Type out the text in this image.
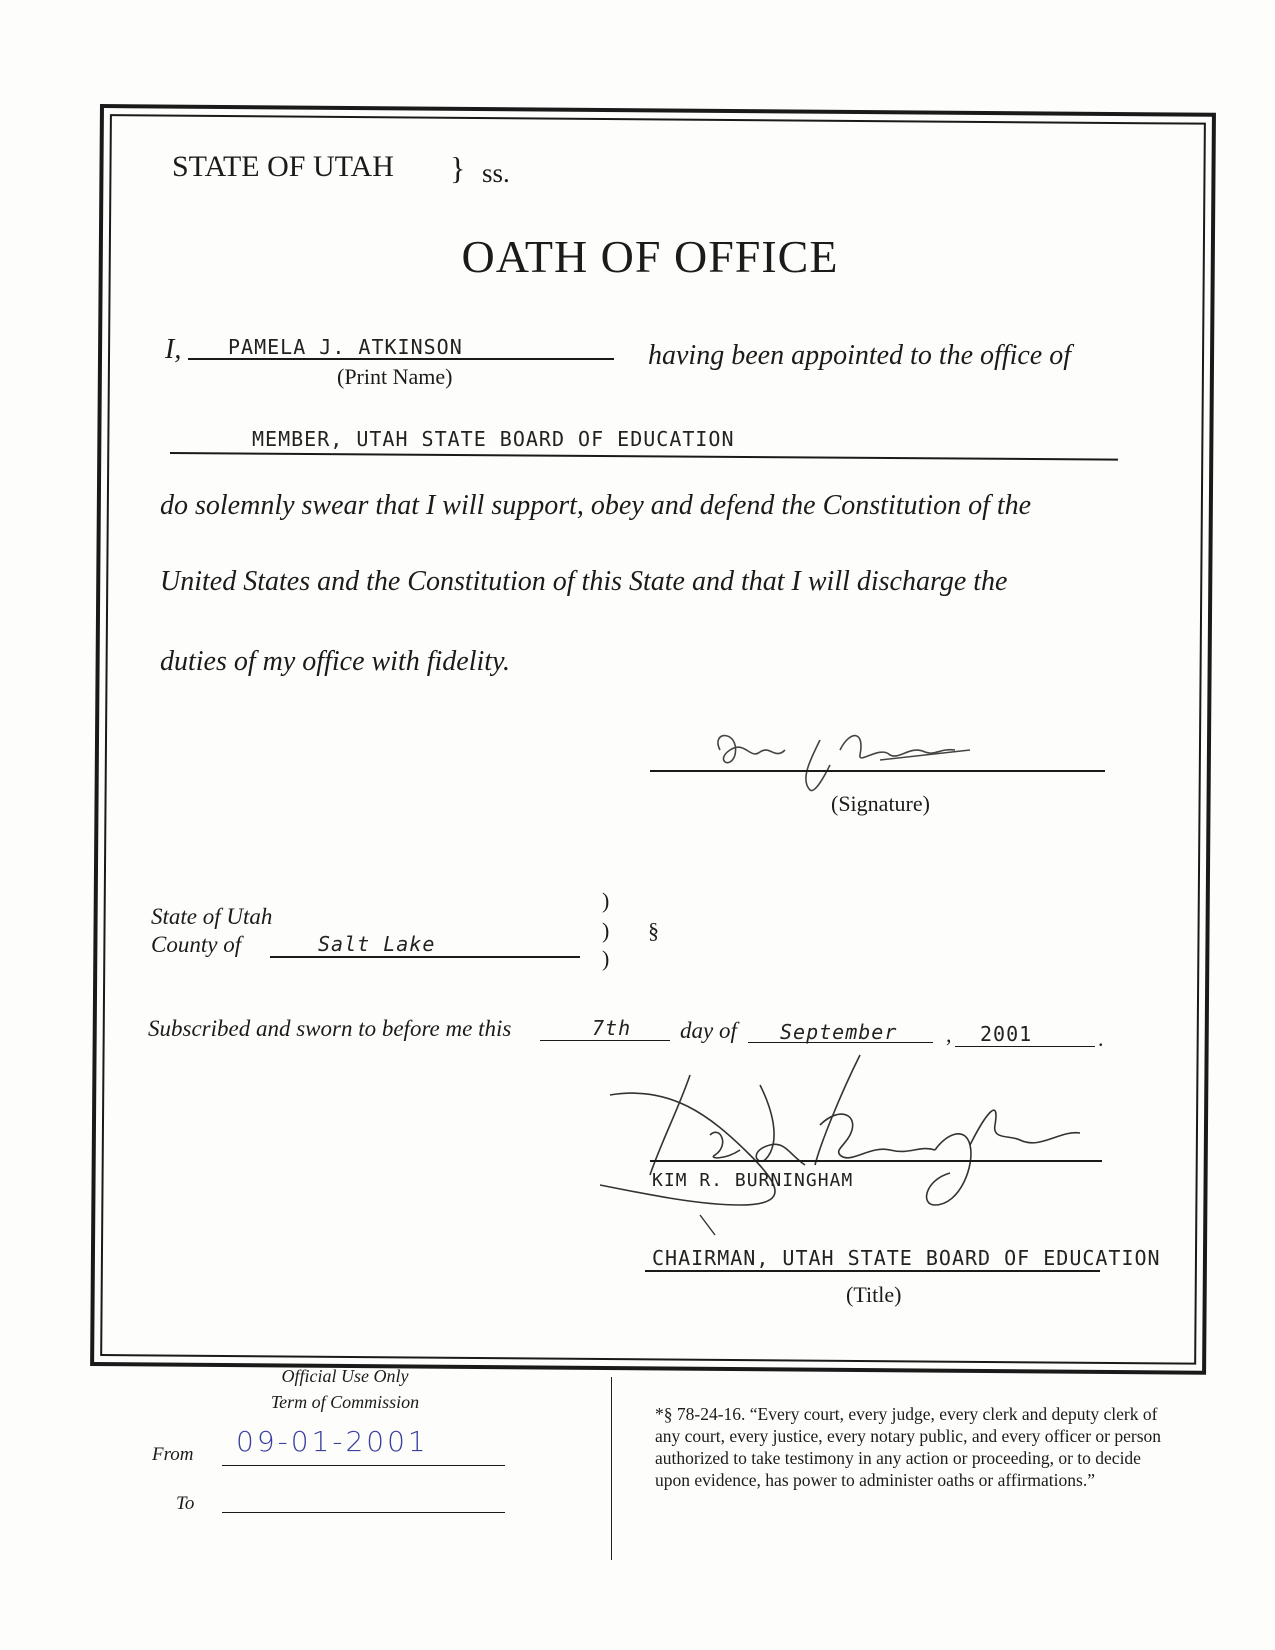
STATE OF UTAH } ss.
OATH OF OFFICE
I, PAMELA J. ATKINSON
(Print Name)
having been appointed to the office of
MEMBER, UTAH STATE BOARD OF EDUCATION
do solemnly swear that I will support, obey and defend the Constitution of the
United States and the Constitution of this State and that I will discharge the
duties of my office with fidelity.
(Signature)
State of Utah
County of	Salt Lake
)
)
)
§
Subscribed and sworn to before me this	7th day of September , 2001	.
KIM R. BURNINGHAM
CHAIRMAN, UTAH STATE BOARD OF EDUCATION
(Title)
Official Use Only
Term of Commission
From 09-01-2001
To
*§ 78-24-16. “Every court, every judge, every clerk and deputy clerk of any court, every justice, every notary public, and every officer or person authorized to take testimony in any action or proceeding, or to decide upon evidence, has power to administer oaths or affirmations.”
